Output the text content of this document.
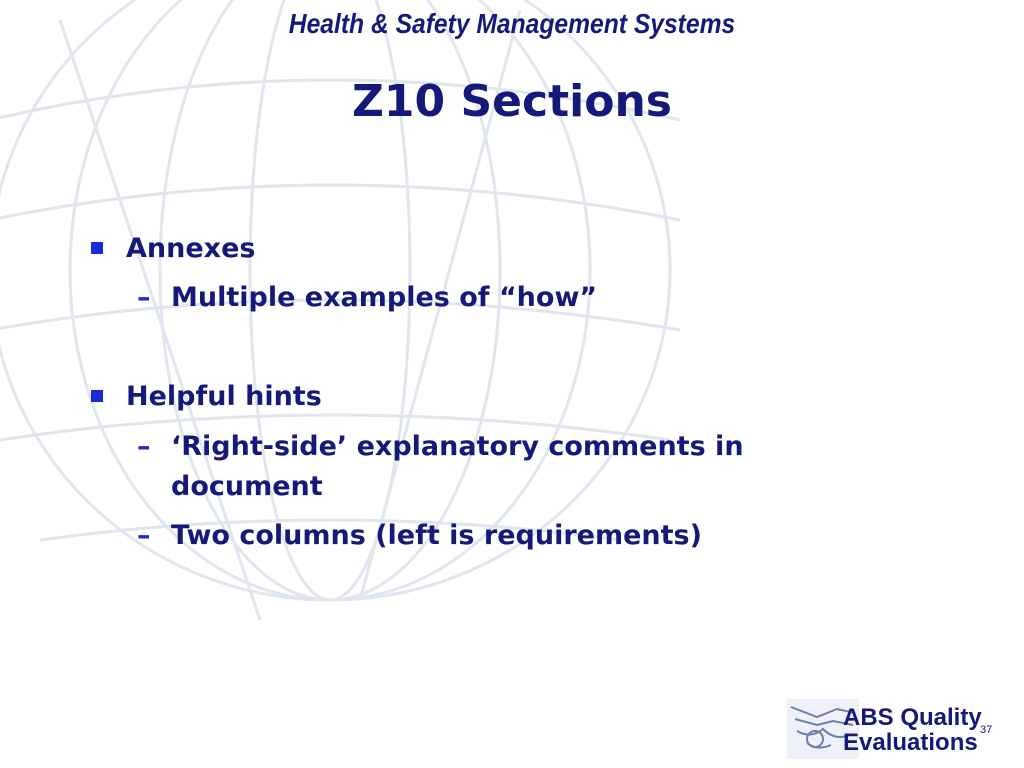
Health & Safety Management Systems
Z10 Sections
Annexes
– Multiple examples of “how”
Helpful hints
– ‘Right-side’ explanatory comments in document
– Two columns (left is requirements)
ABS Quality
Evaluations 37
